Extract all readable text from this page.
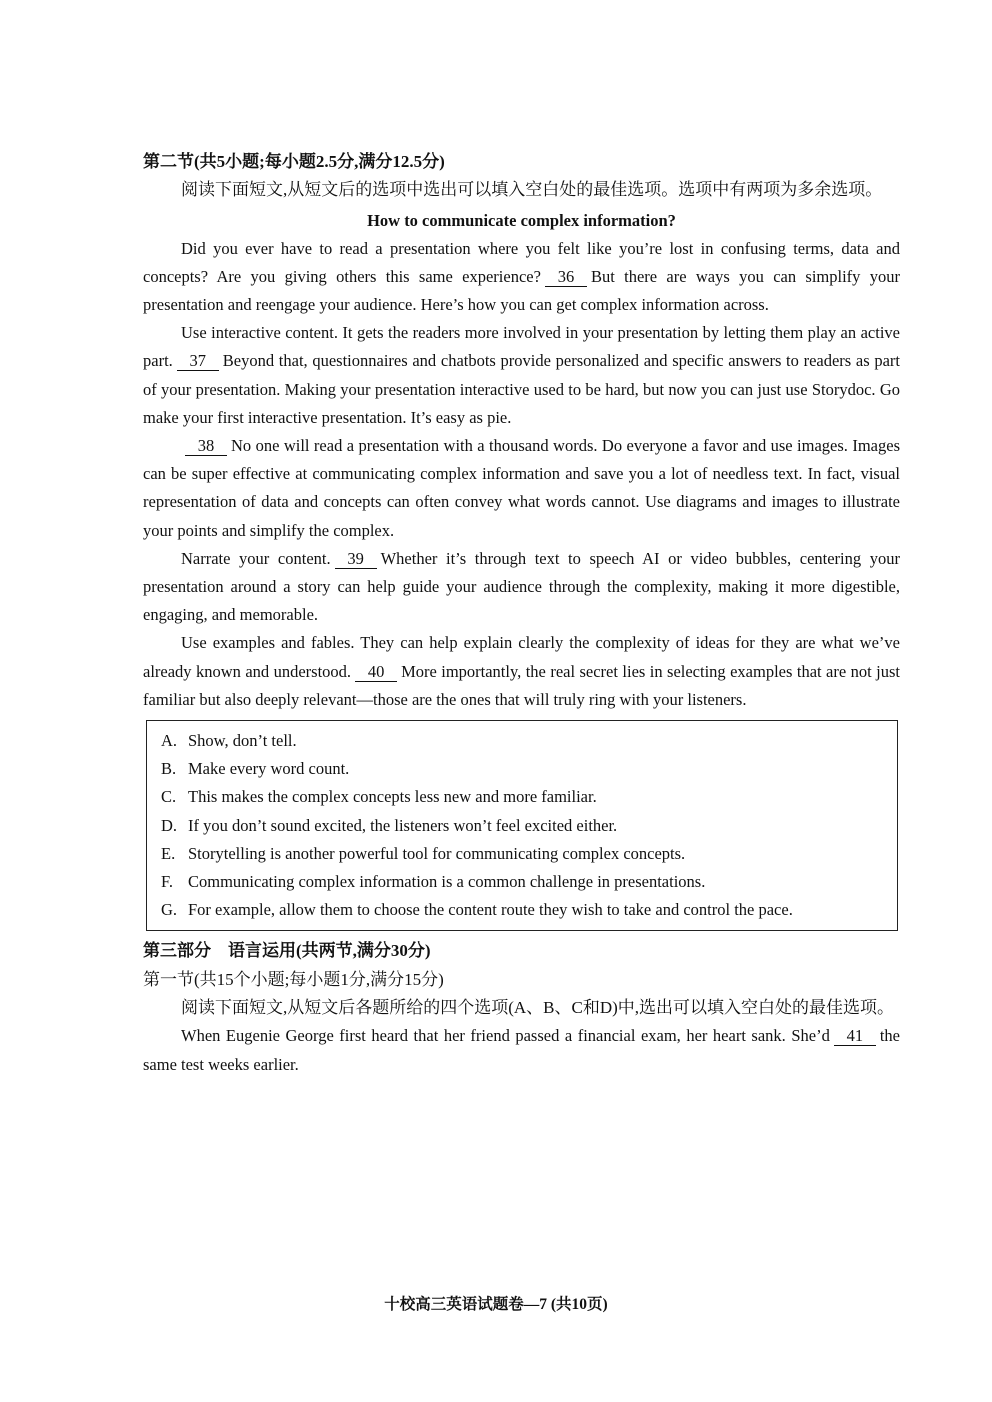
第二节(共5小题;每小题2.5分,满分12.5分)
阅读下面短文,从短文后的选项中选出可以填入空白处的最佳选项。选项中有两项为多余选项。
How to communicate complex information?
Did you ever have to read a presentation where you felt like you’re lost in confusing terms, data and concepts? Are you giving others this same experience? 36 But there are ways you can simplify your presentation and reengage your audience. Here’s how you can get complex information across.
Use interactive content. It gets the readers more involved in your presentation by letting them play an active part. 37 Beyond that, questionnaires and chatbots provide personalized and specific answers to readers as part of your presentation. Making your presentation interactive used to be hard, but now you can just use Storydoc. Go make your first interactive presentation. It’s easy as pie.
38 No one will read a presentation with a thousand words. Do everyone a favor and use images. Images can be super effective at communicating complex information and save you a lot of needless text. In fact, visual representation of data and concepts can often convey what words cannot. Use diagrams and images to illustrate your points and simplify the complex.
Narrate your content. 39 Whether it’s through text to speech AI or video bubbles, centering your presentation around a story can help guide your audience through the complexity, making it more digestible, engaging, and memorable.
Use examples and fables. They can help explain clearly the complexity of ideas for they are what we’ve already known and understood. 40 More importantly, the real secret lies in selecting examples that are not just familiar but also deeply relevant—those are the ones that will truly ring with your listeners.
A. Show, don’t tell.
B. Make every word count.
C. This makes the complex concepts less new and more familiar.
D. If you don’t sound excited, the listeners won’t feel excited either.
E. Storytelling is another powerful tool for communicating complex concepts.
F. Communicating complex information is a common challenge in presentations.
G. For example, allow them to choose the content route they wish to take and control the pace.
第三部分　语言运用(共两节,满分30分)
第一节(共15个小题;每小题1分,满分15分)
阅读下面短文,从短文后各题所给的四个选项(A、B、C和D)中,选出可以填入空白处的最佳选项。
When Eugenie George first heard that her friend passed a financial exam, her heart sank. She’d 41 the same test weeks earlier.
十校高三英语试题卷—7 (共10页)
